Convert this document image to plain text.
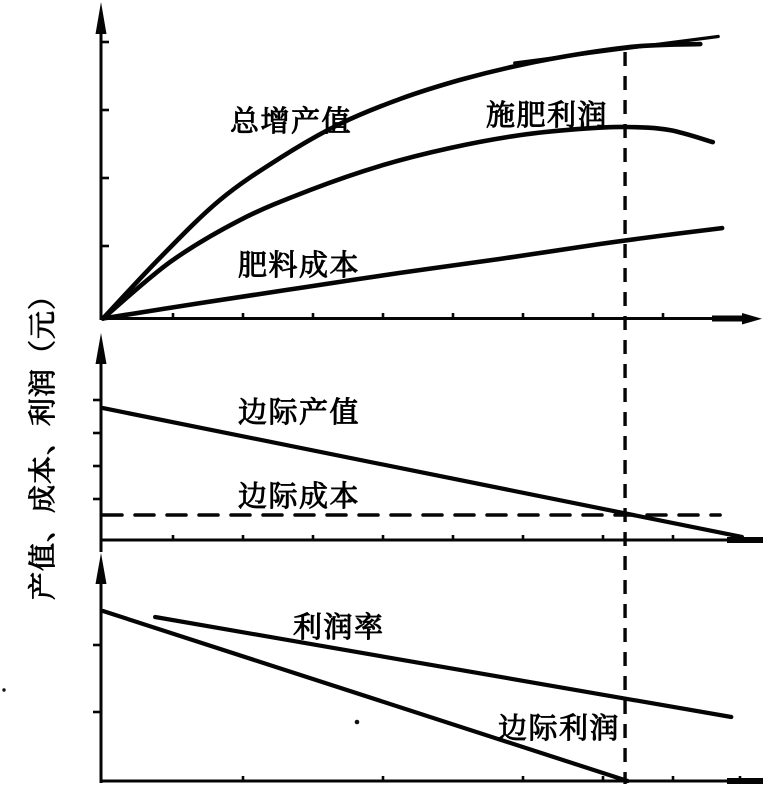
总增产值	施肥利润
肥料成本
边际产值
边际成本
利润率
边际利润
产值、成本、利润（元）
